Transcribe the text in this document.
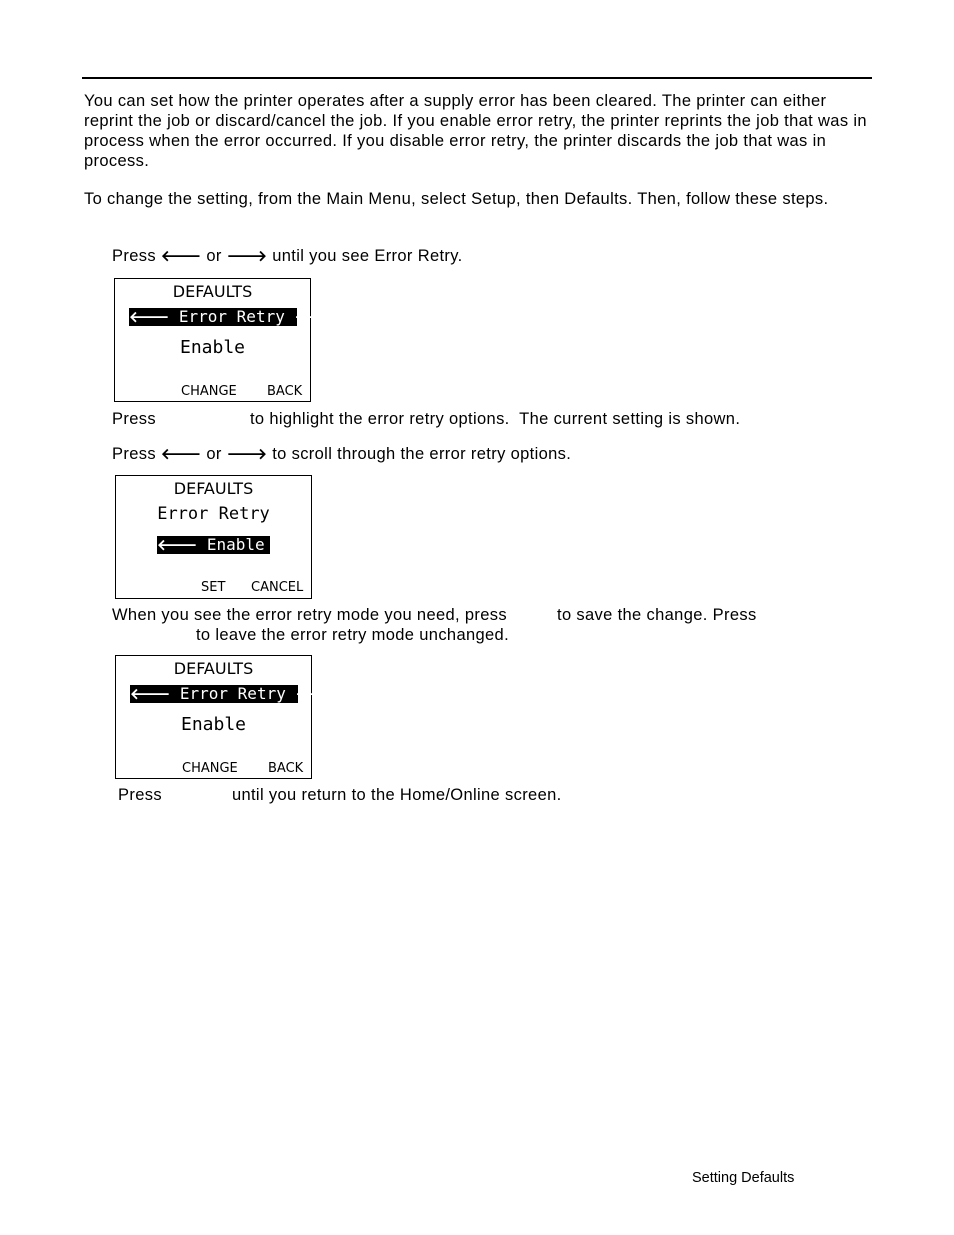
You can set how the printer operates after a supply error has been cleared. The printer can either reprint the job or discard/cancel the job. If you enable error retry, the printer reprints the job that was in process when the error occurred. If you disable error retry, the printer discards the job that was in process.

To change the setting, from the Main Menu, select Setup, then Defaults. Then, follow these steps.

Press 🡐 or 🡒 until you see Error Retry.

DEFAULTS
🡐 Error Retry 🡒
Enable
CHANGE BACK

Press	to highlight the error retry options.  The current setting is shown.

Press 🡐 or 🡒 to scroll through the error retry options.

DEFAULTS
Error Retry
🡐 Enable
SET CANCEL

When you see the error retry mode you need, press	to save the change. Press

to leave the error retry mode unchanged.

DEFAULTS
🡐 Error Retry 🡒
Enable
CHANGE BACK

Press	until you return to the Home/Online screen.

Setting Defaults
